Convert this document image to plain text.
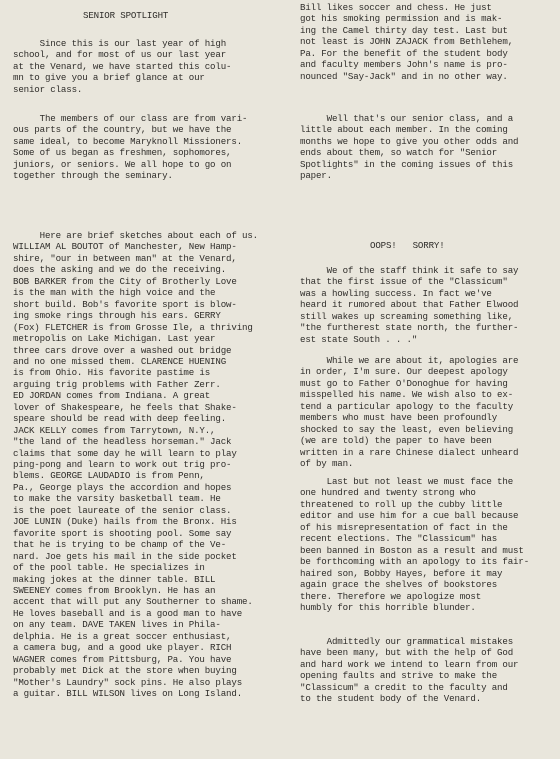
SENIOR SPOTLIGHT
Since this is our last year of high
school, and for most of us our last year
at the Venard, we have started this colu-
mn to give you a brief glance at our
senior class.
The members of our class are from vari-
ous parts of the country, but we have the
same ideal, to become Maryknoll Missioners.
Some of us began as freshmen, sophomores,
juniors, or seniors. We all hope to go on
together through the seminary.
Here are brief sketches about each of us.
WILLIAM AL BOUTOT of Manchester, New Hamp-
shire, "our in between man" at the Venard,
does the asking and we do the receiving.
BOB BARKER from the City of Brotherly Love
is the man with the high voice and the
short build. Bob's favorite sport is blow-
ing smoke rings through his ears. GERRY
(Fox) FLETCHER is from Grosse Ile, a thriving
metropolis on Lake Michigan. Last year
three cars drove over a washed out bridge
and no one missed them. CLARENCE HUENING
is from Ohio. His favorite pastime is
arguing trig problems with Father Zerr.
ED JORDAN comes from Indiana. A great
lover of Shakespeare, he feels that Shake-
speare should be read with deep feeling.
JACK KELLY comes from Tarrytown, N.Y.,
"the land of the headless horseman." Jack
claims that some day he will learn to play
ping-pong and learn to work out trig pro-
blems. GEORGE LAUDADIO is from Penn,
Pa., George plays the accordion and hopes
to make the varsity basketball team. He
is the poet laureate of the senior class.
JOE LUNIN (Duke) hails from the Bronx. His
favorite sport is shooting pool. Some say
that he is trying to be champ of the Ve-
nard. Joe gets his mail in the side pocket
of the pool table. He specializes in
making jokes at the dinner table. BILL
SWEENEY comes from Brooklyn. He has an
accent that will put any Southerner to shame.
He loves baseball and is a good man to have
on any team. DAVE TAKEN lives in Phila-
delphia. He is a great soccer enthusiast,
a camera bug, and a good uke player. RICH
WAGNER comes from Pittsburg, Pa. You have
probably met Dick at the store when buying
"Mother's Laundry" sock pins. He also plays
a guitar. BILL WILSON lives on Long Island.
Bill likes soccer and chess. He just
got his smoking permission and is mak-
ing the Camel thirty day test. Last but
not least is JOHN ZAJACK from Bethlehem,
Pa. For the benefit of the student body
and faculty members John's name is pro-
nounced "Say-Jack" and in no other way.
Well that's our senior class, and a
little about each member. In the coming
months we hope to give you other odds and
ends about them, so watch for "Senior
Spotlights" in the coming issues of this
paper.
OOPS!   SORRY!
We of the staff think it safe to say
that the first issue of the "Classicum"
was a howling success. In fact we've
heard it rumored about that Father Elwood
still wakes up screaming something like,
"the furtherest state north, the further-
est state South . . ."
While we are about it, apologies are
in order, I'm sure. Our deepest apology
must go to Father O'Donoghue for having
misspelled his name. We wish also to ex-
tend a particular apology to the faculty
members who must have been profoundly
shocked to say the least, even believing
(we are told) the paper to have been
written in a rare Chinese dialect unheard
of by man.
Last but not least we must face the
one hundred and twenty strong who
threatened to roll up the cubby little
editor and use him for a cue ball because
of his misrepresentation of fact in the
recent elections. The "Classicum" has
been banned in Boston as a result and must
be forthcoming with an apology to its fair-
haired son, Bobby Hayes, before it may
again grace the shelves of bookstores
there. Therefore we apologize most
humbly for this horrible blunder.
Admittedly our grammatical mistakes
have been many, but with the help of God
and hard work we intend to learn from our
opening faults and strive to make the
"Classicum" a credit to the faculty and
to the student body of the Venard.
